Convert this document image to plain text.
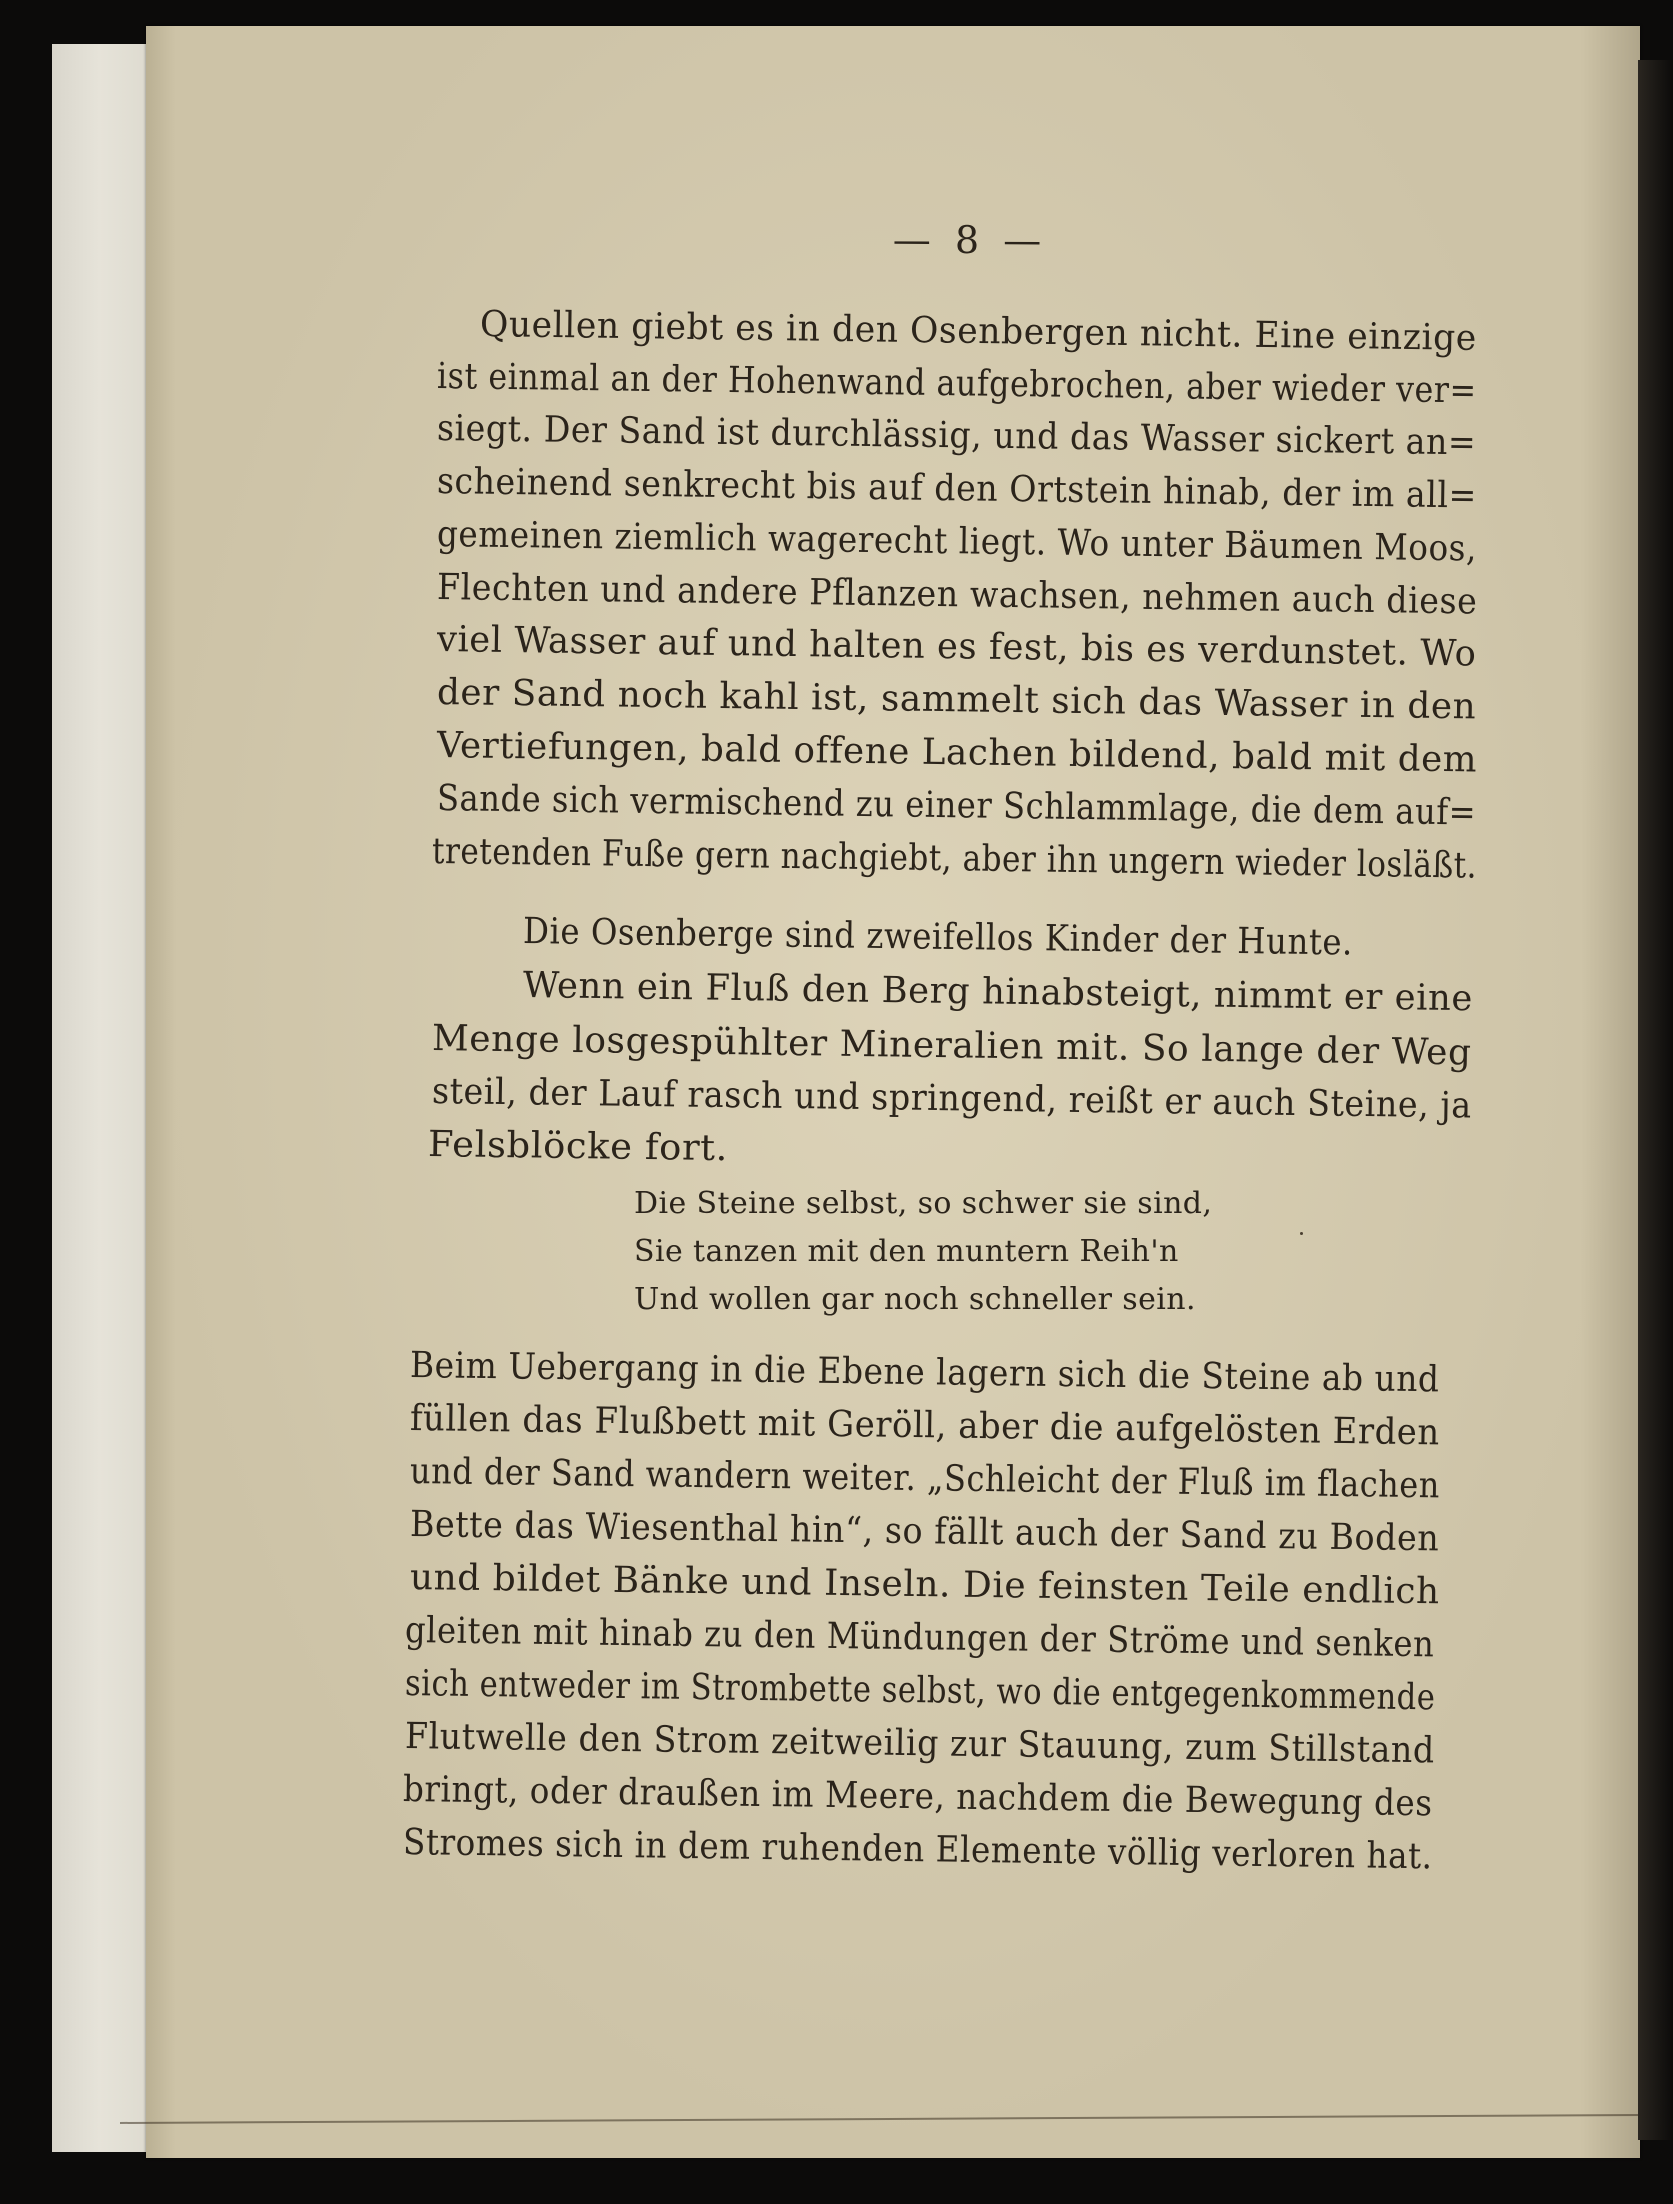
— 8 —
Quellen giebt es in den Osenbergen nicht. Eine einzige
ist einmal an der Hohenwand aufgebrochen, aber wieder ver=
siegt. Der Sand ist durchlässig, und das Wasser sickert an=
scheinend senkrecht bis auf den Ortstein hinab, der im all=
gemeinen ziemlich wagerecht liegt. Wo unter Bäumen Moos,
Flechten und andere Pflanzen wachsen, nehmen auch diese
viel Wasser auf und halten es fest, bis es verdunstet. Wo
der Sand noch kahl ist, sammelt sich das Wasser in den
Vertiefungen, bald offene Lachen bildend, bald mit dem
Sande sich vermischend zu einer Schlammlage, die dem auf=
tretenden Fuße gern nachgiebt, aber ihn ungern wieder losläßt.
Die Osenberge sind zweifellos Kinder der Hunte.
Wenn ein Fluß den Berg hinabsteigt, nimmt er eine
Menge losgespühlter Mineralien mit. So lange der Weg
steil, der Lauf rasch und springend, reißt er auch Steine, ja
Felsblöcke fort.
Die Steine selbst, so schwer sie sind,
Sie tanzen mit den muntern Reih'n
Und wollen gar noch schneller sein.
Beim Uebergang in die Ebene lagern sich die Steine ab und
füllen das Flußbett mit Geröll, aber die aufgelösten Erden
und der Sand wandern weiter. „Schleicht der Fluß im flachen
Bette das Wiesenthal hin“, so fällt auch der Sand zu Boden
und bildet Bänke und Inseln. Die feinsten Teile endlich
gleiten mit hinab zu den Mündungen der Ströme und senken
sich entweder im Strombette selbst, wo die entgegenkommende
Flutwelle den Strom zeitweilig zur Stauung, zum Stillstand
bringt, oder draußen im Meere, nachdem die Bewegung des
Stromes sich in dem ruhenden Elemente völlig verloren hat.
